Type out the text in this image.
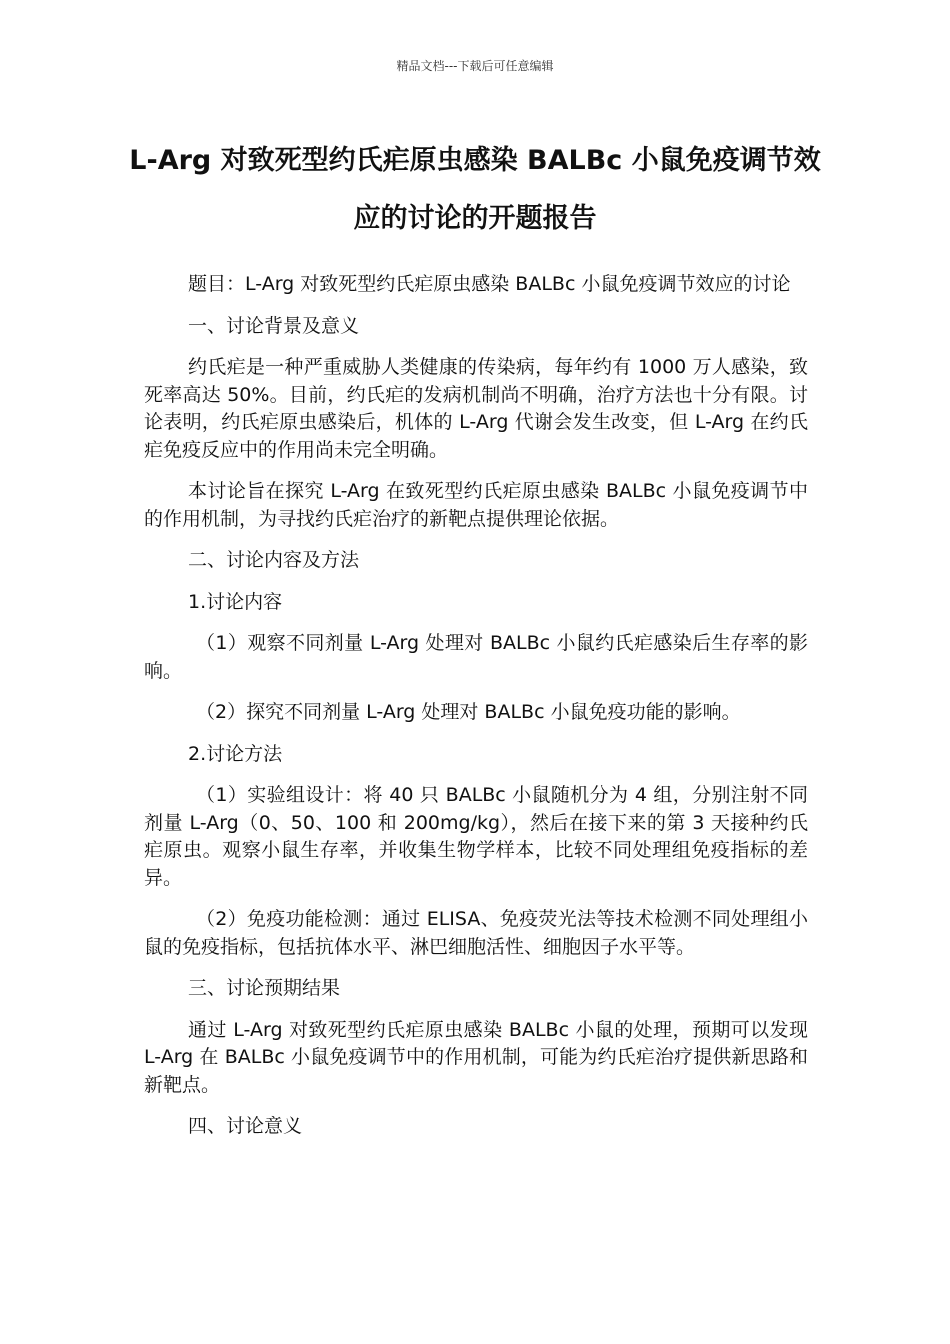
精品文档---下载后可任意编辑
L-Arg 对致死型约氏疟原虫感染 BALBc 小鼠免疫调节效应的讨论的开题报告

题目：L-Arg 对致死型约氏疟原虫感染 BALBc 小鼠免疫调节效应的讨论

一、讨论背景及意义

约氏疟是一种严重威胁人类健康的传染病，每年约有 1000 万人感染，致死率高达 50%。目前，约氏疟的发病机制尚不明确，治疗方法也十分有限。讨论表明，约氏疟原虫感染后，机体的 L-Arg 代谢会发生改变，但 L-Arg 在约氏疟免疫反应中的作用尚未完全明确。

本讨论旨在探究 L-Arg 在致死型约氏疟原虫感染 BALBc 小鼠免疫调节中的作用机制，为寻找约氏疟治疗的新靶点提供理论依据。

二、讨论内容及方法

1.讨论内容

（1）观察不同剂量 L-Arg 处理对 BALBc 小鼠约氏疟感染后生存率的影响。

（2）探究不同剂量 L-Arg 处理对 BALBc 小鼠免疫功能的影响。

2.讨论方法

（1）实验组设计：将 40 只 BALBc 小鼠随机分为 4 组，分别注射不同剂量 L-Arg（0、50、100 和 200mg/kg），然后在接下来的第 3 天接种约氏疟原虫。观察小鼠生存率，并收集生物学样本，比较不同处理组免疫指标的差异。

（2）免疫功能检测：通过 ELISA、免疫荧光法等技术检测不同处理组小鼠的免疫指标，包括抗体水平、淋巴细胞活性、细胞因子水平等。

三、讨论预期结果

通过 L-Arg 对致死型约氏疟原虫感染 BALBc 小鼠的处理，预期可以发现 L-Arg 在 BALBc 小鼠免疫调节中的作用机制，可能为约氏疟治疗提供新思路和新靶点。

四、讨论意义
